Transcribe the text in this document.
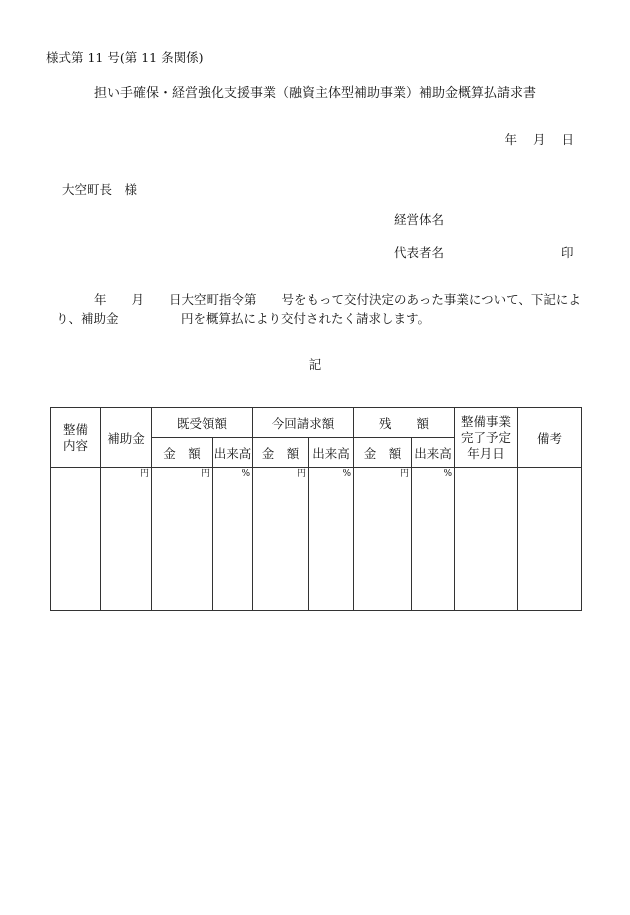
様式第 11 号(第 11 条関係)
担い手確保・経営強化支援事業（融資主体型補助事業）補助金概算払請求書
年 月 日
大空町長　様
経営体名
代表者名	印
年　　月　　日大空町指令第　　号をもって交付決定のあった事業について、下記により、補助金　　　　　円を概算払により交付されたく請求します。
記
整備内容	補助金	既受領額		今回請求額		残　　額		整備事業完了予定年月日	備考
		金　額	出来高	金　額	出来高	金　額	出来高		

	円	円	%	円	%	円	%		
